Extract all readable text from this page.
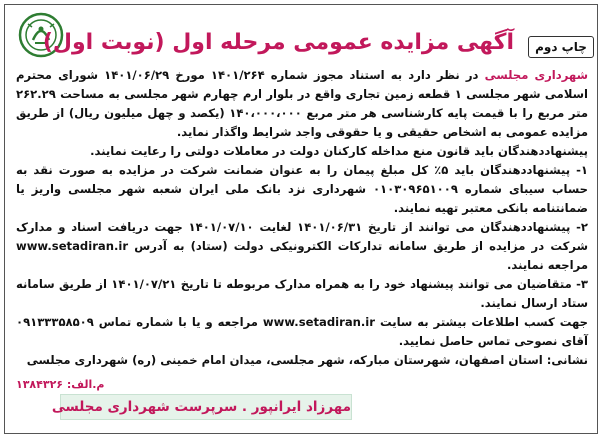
چاپ دوم
آگهی مزایده عمومی مرحله اول (نوبت اول)

شهرداری مجلسی در نظر دارد به استناد مجوز شماره ۱۴۰۱/۲۶۴ مورخ ۱۴۰۱/۰۶/۲۹ شورای محترم اسلامی شهر مجلسی ۱ قطعه زمین تجاری واقع در بلوار ارم چهارم شهر مجلسی به مساحت ۲۶۲.۲۹ متر مربع را با قیمت پایه کارشناسی هر متر مربع ۱۴۰،۰۰۰،۰۰۰ (یکصد و چهل میلیون ریال) از طریق مزایده عمومی به اشخاص حقیقی و یا حقوقی واجد شرایط واگذار نماید.

پیشنهاددهندگان باید قانون منع مداخله کارکنان دولت در معاملات دولتی را رعایت نمایند.

۱- پیشنهاددهندگان باید ۵٪ کل مبلغ پیمان را به عنوان ضمانت شرکت در مزایده به صورت نقد به حساب سیبای شماره ۰۱۰۳۰۹۶۵۱۰۰۹ شهرداری نزد بانک ملی ایران شعبه شهر مجلسی واریز یا ضمانتنامه بانکی معتبر تهیه نمایند.

۲- پیشنهاددهندگان می توانند از تاریخ ۱۴۰۱/۰۶/۳۱ لغایت ۱۴۰۱/۰۷/۱۰ جهت دریافت اسناد و مدارک شرکت در مزایده از طریق سامانه تدارکات الکترونیکی دولت (ستاد) به آدرس www.setadiran.ir مراجعه نمایند.

۳- متقاضیان می توانند پیشنهاد خود را به همراه مدارک مربوطه تا تاریخ ۱۴۰۱/۰۷/۲۱ از طریق سامانه ستاد ارسال نمایند.

جهت کسب اطلاعات بیشتر به سایت www.setadiran.ir مراجعه و یا با شماره تماس ۰۹۱۳۳۳۵۸۵۰۹ آقای نصوحی تماس حاصل نمایید.

نشانی: استان اصفهان، شهرستان مبارکه، شهر مجلسی، میدان امام خمینی (ره) شهرداری مجلسی

م.الف: ۱۳۸۴۳۲۶
مهرزاد ایرانپور . سرپرست شهرداری مجلسی
